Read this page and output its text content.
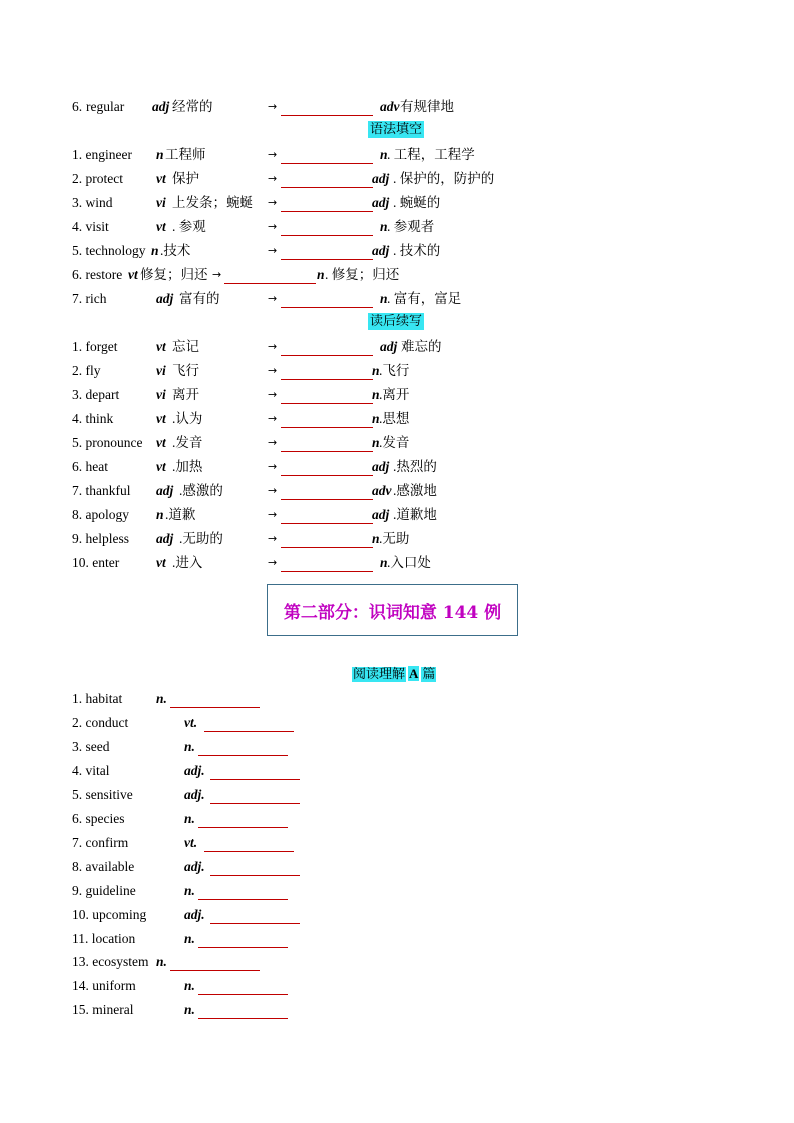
6. regular adj 经常的	→	adv 有规律地
语法填空
1. engineer n 工程师	→	n . 工程，工程学
2. protect vt 保护	→	adj . 保护的，防护的
3. wind	vi 上发条；蜿蜒 →	adj . 蜿蜒的
4. visit	vt . 参观	→	n . 参观者
5. technology n .技术	→	adj . 技术的
6. restore vt 修复；归还 →	n . 修复；归还
7. rich	adj 富有的	→	n . 富有，富足
读后续写
1. forget	vt 忘记	→	adj 难忘的
2. fly	vi 飞行	→	n .飞行
3. depart	vi 离开	→	n .离开
4. think	vt .认为	→	n .思想
5. pronounce vt .发音	→	n .发音
6. heat	vt .加热	→	adj .热烈的
7. thankful adj .感激的	→	adv .感激地
8. apology n .道歉	→	adj .道歉地
9. helpless adj .无助的	→	n .无助
10. enter	vt .进入	→	n .入口处
第二部分：识词知意 144 例
阅读理解 A 篇
1. habitat	n.
2. conduct	vt.
3. seed	n.
4. vital	adj.
5. sensitive	adj.
6. species	n.
7. confirm	vt.
8. available	adj.
9. guideline	n.
10. upcoming	adj.
11. location	n.
13. ecosystem n.
14. uniform	n.
15. mineral	n.
